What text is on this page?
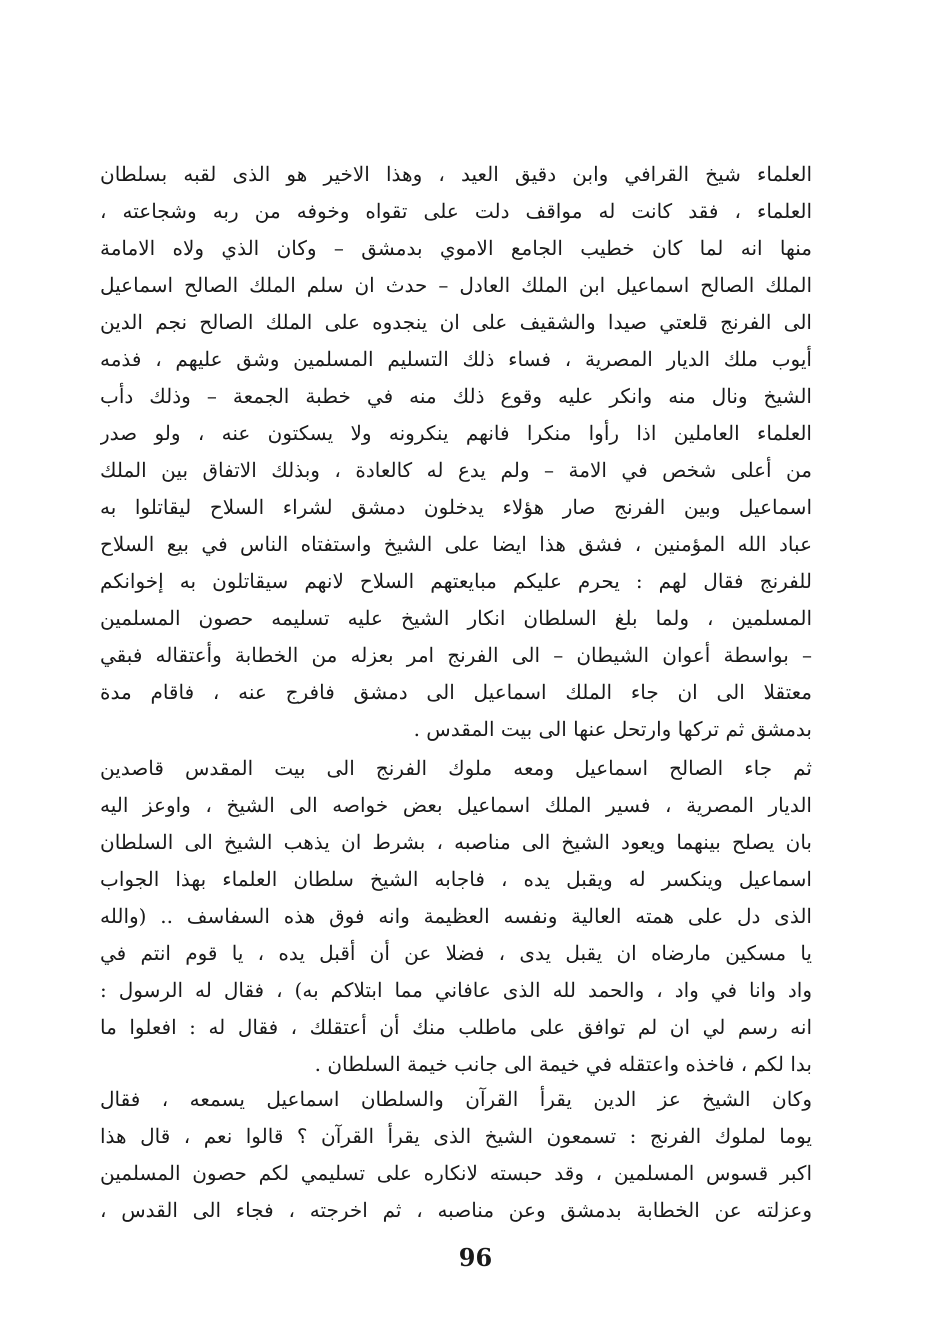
العلماء شيخ القرافي وابن دقيق العيد ، وهذا الاخير هو الذى لقبه بسلطان
العلماء ، فقد كانت له مواقف دلت على تقواه وخوفه من ربه وشجاعته ،
منها انه لما كان خطيب الجامع الاموي بدمشق – وكان الذي ولاه الامامة
الملك الصالح اسماعيل ابن الملك العادل – حدث ان سلم الملك الصالح اسماعيل
الى الفرنج قلعتي صيدا والشقيف على ان ينجدوه على الملك الصالح نجم الدين
أيوب ملك الديار المصرية ، فساء ذلك التسليم المسلمين وشق عليهم ، فذمه
الشيخ ونال منه وانكر عليه وقوع ذلك منه في خطبة الجمعة – وذلك دأب
العلماء العاملين اذا رأوا منكرا فانهم ينكرونه ولا يسكتون عنه ، ولو صدر
من أعلى شخص في الامة – ولم يدع له كالعادة ، وبذلك الاتفاق بين الملك
اسماعيل وبين الفرنج صار هؤلاء يدخلون دمشق لشراء السلاح ليقاتلوا به
عباد الله المؤمنين ، فشق هذا ايضا على الشيخ واستفتاه الناس في بيع السلاح
للفرنج فقال لهم : يحرم عليكم مبايعتهم السلاح لانهم سيقاتلون به إخوانكم
المسلمين ، ولما بلغ السلطان انكار الشيخ عليه تسليمه حصون المسلمين
– بواسطة أعوان الشيطان – الى الفرنج امر بعزله من الخطابة وأعتقاله فبقي
معتقلا الى ان جاء الملك اسماعيل الى دمشق فافرج عنه ، فاقام مدة
بدمشق ثم تركها وارتحل عنها الى بيت المقدس .
ثم جاء الصالح اسماعيل ومعه ملوك الفرنج الى بيت المقدس قاصدين
الديار المصرية ، فسير الملك اسماعيل بعض خواصه الى الشيخ ، واوعز اليه
بان يصلح بينهما ويعود الشيخ الى مناصبه ، بشرط ان يذهب الشيخ الى السلطان
اسماعيل وينكسر له ويقبل يده ، فاجابه الشيخ سلطان العلماء بهذا الجواب
الذى دل على همته العالية ونفسه العظيمة وانه فوق هذه السفاسف .. (والله
يا مسكين مارضاه ان يقبل يدى ، فضلا عن أن أقبل يده ، يا قوم انتم في
واد وانا في واد ، والحمد لله الذى عافاني مما ابتلاكم به) ، فقال له الرسول :
انه رسم لي ان لم توافق على ماطلب منك أن أعتقلك ، فقال له : افعلوا ما
بدا لكم ، فاخذه واعتقله في خيمة الى جانب خيمة السلطان .
وكان الشيخ عز الدين يقرأ القرآن والسلطان اسماعيل يسمعه ، فقال
يوما لملوك الفرنج : تسمعون الشيخ الذى يقرأ القرآن ؟ قالوا نعم ، قال هذا
اكبر قسوس المسلمين ، وقد حبسته لانكاره على تسليمي لكم حصون المسلمين
وعزلته عن الخطابة بدمشق وعن مناصبه ، ثم اخرجته ، فجاء الى القدس ،
96
